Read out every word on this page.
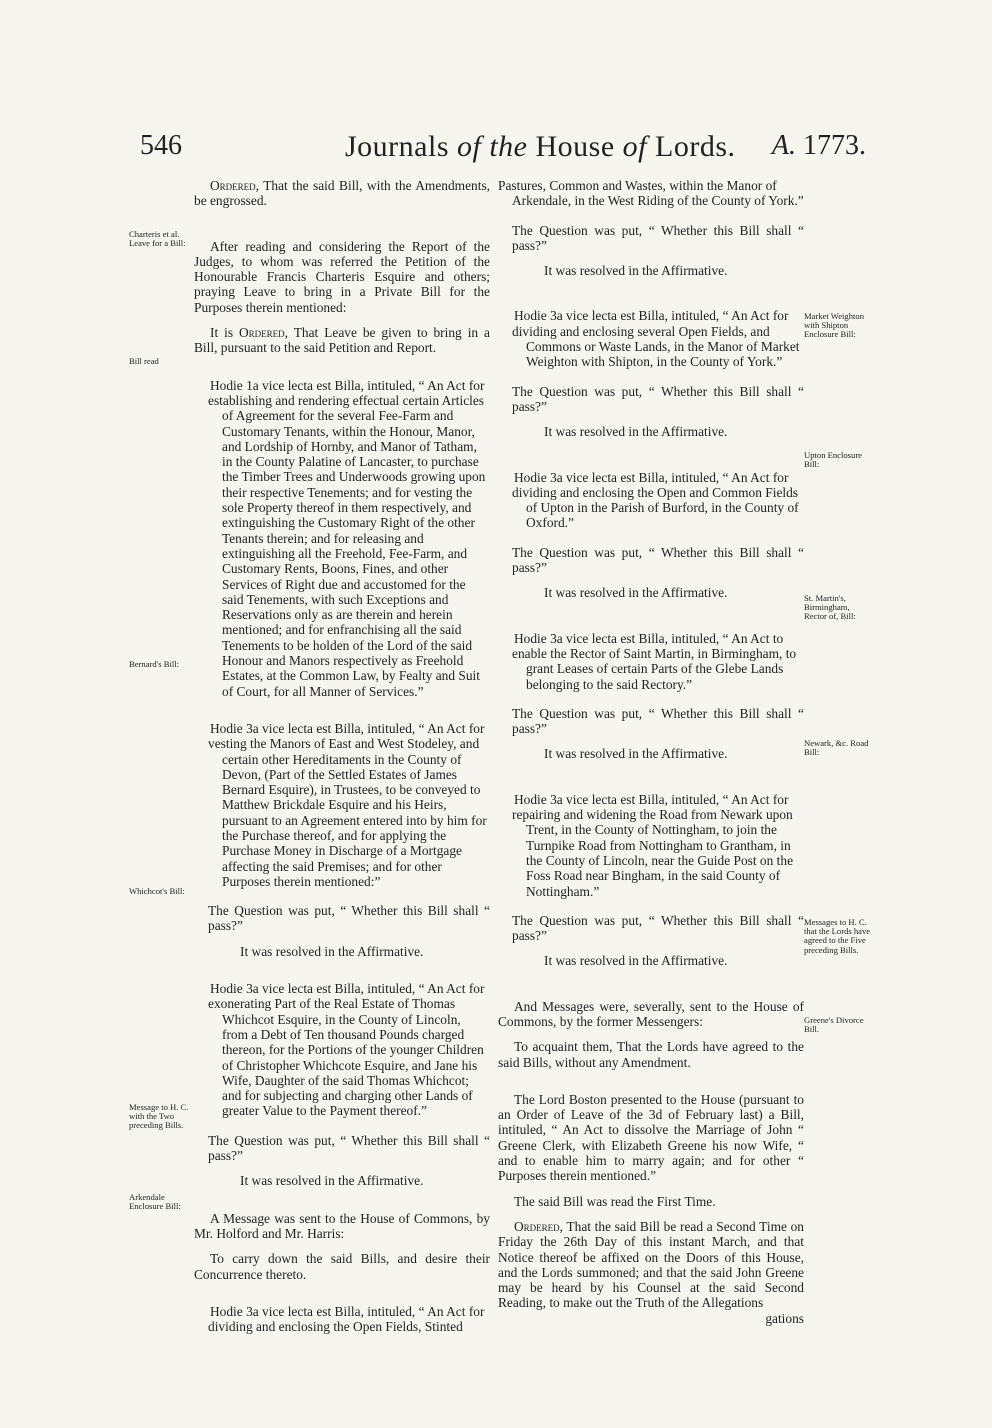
546	Journals of the House of Lords. A. 1773.
Charteris et al. Leave for a Bill:
Bill read
Bernard's Bill:
Whichcot's Bill:
Message to H. C. with the Two preceding Bills.
Arkendale Enclosure Bill:
Market Weighton with Shipton Enclosure Bill:
Upton Enclosure Bill:
St. Martin's, Birmingham, Rector of, Bill:
Newark, &c. Road Bill:
Messages to H. C. that the Lords have agreed to the Five preceding Bills.
Greene's Divorce Bill.

Ordered, That the said Bill, with the Amendments, be engrossed.

After reading and considering the Report of the Judges, to whom was referred the Petition of the Honourable Francis Charteris Esquire and others; praying Leave to bring in a Private Bill for the Purposes therein mentioned:

It is Ordered, That Leave be given to bring in a Bill, pursuant to the said Petition and Report.

Hodie 1a vice lecta est Billa, intituled, “ An Act for

establishing and rendering effectual certain Articles of Agreement for the several Fee-Farm and Customary Tenants, within the Honour, Manor, and Lordship of Hornby, and Manor of Tatham, in the County Palatine of Lancaster, to purchase the Timber Trees and Underwoods growing upon their respective Tenements; and for vesting the sole Property thereof in them respectively, and extinguishing the Customary Right of the other Tenants therein; and for releasing and extinguishing all the Freehold, Fee-Farm, and Customary Rents, Boons, Fines, and other Services of Right due and accustomed for the said Tenements, with such Exceptions and Reservations only as are therein and herein mentioned; and for enfranchising all the said Tenements to be holden of the Lord of the said Honour and Manors respectively as Freehold Estates, at the Common Law, by Fealty and Suit of Court, for all Manner of Services.”

Hodie 3a vice lecta est Billa, intituled, “ An Act for

vesting the Manors of East and West Stodeley, and certain other Hereditaments in the County of Devon, (Part of the Settled Estates of James Bernard Esquire), in Trustees, to be conveyed to Matthew Brickdale Esquire and his Heirs, pursuant to an Agreement entered into by him for the Purchase thereof, and for applying the Purchase Money in Discharge of a Mortgage affecting the said Premises; and for other Purposes therein mentioned:”

The Question was put, “ Whether this Bill shall “ pass?”

It was resolved in the Affirmative.

Hodie 3a vice lecta est Billa, intituled, “ An Act for

exonerating Part of the Real Estate of Thomas Whichcot Esquire, in the County of Lincoln, from a Debt of Ten thousand Pounds charged thereon, for the Portions of the younger Children of Christopher Whichcote Esquire, and Jane his Wife, Daughter of the said Thomas Whichcot; and for subjecting and charging other Lands of greater Value to the Payment thereof.”

The Question was put, “ Whether this Bill shall “ pass?”

It was resolved in the Affirmative.

A Message was sent to the House of Commons, by Mr. Holford and Mr. Harris:

To carry down the said Bills, and desire their Concurrence thereto.

Hodie 3a vice lecta est Billa, intituled, “ An Act for

dividing and enclosing the Open Fields, Stinted

Pastures, Common and Wastes, within the Manor of Arkendale, in the West Riding of the County of York.”

The Question was put, “ Whether this Bill shall “ pass?”

It was resolved in the Affirmative.

Hodie 3a vice lecta est Billa, intituled, “ An Act for

dividing and enclosing several Open Fields, and Commons or Waste Lands, in the Manor of Market Weighton with Shipton, in the County of York.”

The Question was put, “ Whether this Bill shall “ pass?”

It was resolved in the Affirmative.

Hodie 3a vice lecta est Billa, intituled, “ An Act for

dividing and enclosing the Open and Common Fields of Upton in the Parish of Burford, in the County of Oxford.”

The Question was put, “ Whether this Bill shall “ pass?”

It was resolved in the Affirmative.

Hodie 3a vice lecta est Billa, intituled, “ An Act to

enable the Rector of Saint Martin, in Birmingham, to grant Leases of certain Parts of the Glebe Lands belonging to the said Rectory.”

The Question was put, “ Whether this Bill shall “ pass?”

It was resolved in the Affirmative.

Hodie 3a vice lecta est Billa, intituled, “ An Act for

repairing and widening the Road from Newark upon Trent, in the County of Nottingham, to join the Turnpike Road from Nottingham to Grantham, in the County of Lincoln, near the Guide Post on the Foss Road near Bingham, in the said County of Nottingham.”

The Question was put, “ Whether this Bill shall “ pass?”

It was resolved in the Affirmative.

And Messages were, severally, sent to the House of Commons, by the former Messengers:

To acquaint them, That the Lords have agreed to the said Bills, without any Amendment.

The Lord Boston presented to the House (pursuant to an Order of Leave of the 3d of February last) a Bill, intituled, “ An Act to dissolve the Marriage of John “ Greene Clerk, with Elizabeth Greene his now Wife, “ and to enable him to marry again; and for other “ Purposes therein mentioned.”

The said Bill was read the First Time.

Ordered, That the said Bill be read a Second Time on Friday the 26th Day of this instant March, and that Notice thereof be affixed on the Doors of this House, and the Lords summoned; and that the said John Greene may be heard by his Counsel at the said Second Reading, to make out the Truth of the Allegations

gations
